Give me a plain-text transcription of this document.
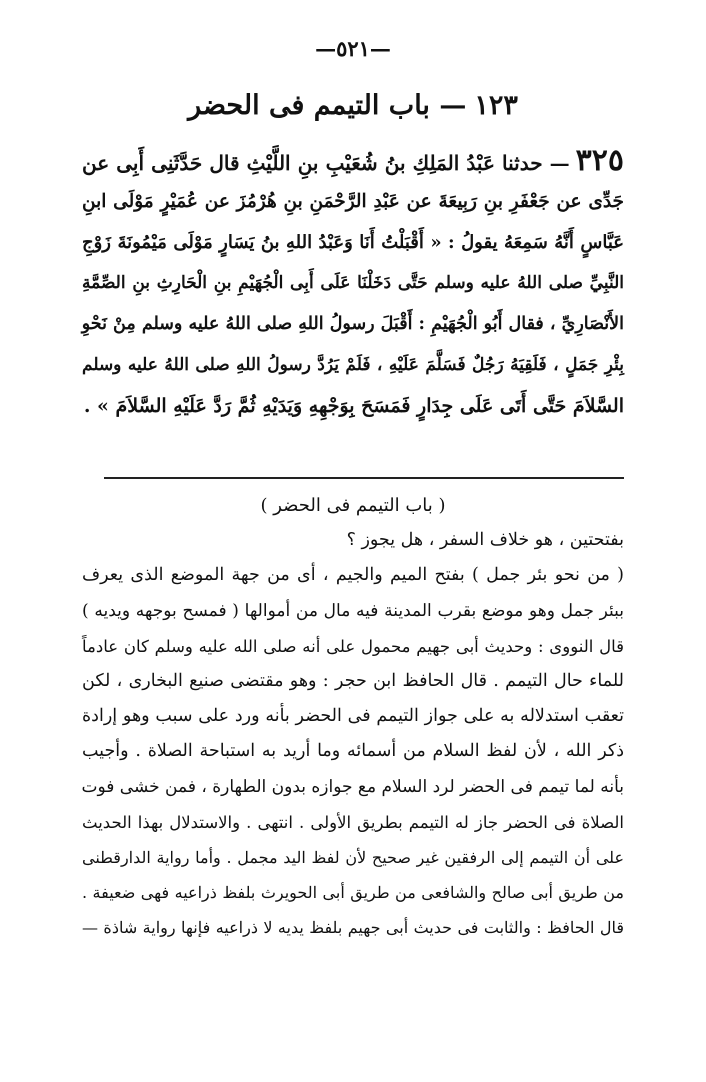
—٥٢١—
١٢٣— باب التيمم فى الحضر
٣٢٥— حدثنا عَبْدُ المَلِكِ بنُ شُعَيْبِ بنِ اللَّيْثِ قال حَدَّثَنِى أَبِى عن
جَدِّى عن جَعْفَرِ بنِ رَبِيعَةَ عن عَبْدِ الرَّحْمَنِ بنِ هُرْمُزَ عن عُمَيْرٍ مَوْلَى ابنِ
عَبَّاسٍ أَنَّهُ سَمِعَهُ يقولُ : « أَقْبَلْتُ أَنَا وَعَبْدُ اللهِ بنُ يَسَارٍ مَوْلَى مَيْمُونَةَ زَوْجِ
النَّبِيِّ صلى اللهُ عليه وسلم حَتَّى دَخَلْنَا عَلَى أَبِى الْجُهَيْمِ بنِ الْحَارِثِ بنِ الصِّمَّةِ
الأَنْصَارِيِّ ، فقال أَبُو الْجُهَيْمِ : أَقْبَلَ رسولُ اللهِ صلى اللهُ عليه وسلم مِنْ نَحْوِ
بِئْرِ جَمَلٍ ، فَلَقِيَهُ رَجُلٌ فَسَلَّمَ عَلَيْهِ ، فَلَمْ يَرُدَّ رسولُ اللهِ صلى اللهُ عليه وسلم
السَّلاَمَ حَتَّى أَتَى عَلَى جِدَارٍ فَمَسَحَ بِوَجْهِهِ وَيَدَيْهِ ثُمَّ رَدَّ عَلَيْهِ السَّلاَمَ » .
( باب التيمم فى الحضر )
بفتحتين ، هو خلاف السفر ، هل يجوز ؟
( من نحو بئر جمل ) بفتح الميم والجيم ، أى من جهة الموضع الذى يعرف
ببئر جمل وهو موضع بقرب المدينة فيه مال من أموالها ( فمسح بوجهه ويديه )
قال النووى : وحديث أبى جهيم محمول على أنه صلى الله عليه وسلم كان عادماً
للماء حال التيمم . قال الحافظ ابن حجر : وهو مقتضى صنيع البخارى ، لكن
تعقب استدلاله به على جواز التيمم فى الحضر بأنه ورد على سبب وهو إرادة
ذكر الله ، لأن لفظ السلام من أسمائه وما أريد به استباحة الصلاة . وأجيب
بأنه لما تيمم فى الحضر لرد السلام مع جوازه بدون الطهارة ، فمن خشى فوت
الصلاة فى الحضر جاز له التيمم بطريق الأولى . انتهى . والاستدلال بهذا الحديث
على أن التيمم إلى الرفقين غير صحيح لأن لفظ اليد مجمل . وأما رواية الدارقطنى
من طريق أبى صالح والشافعى من طريق أبى الحويرث بلفظ ذراعيه فهى ضعيفة .
قال الحافظ : والثابت فى حديث أبى جهيم بلفظ يديه لا ذراعيه فإنها رواية شاذة —
